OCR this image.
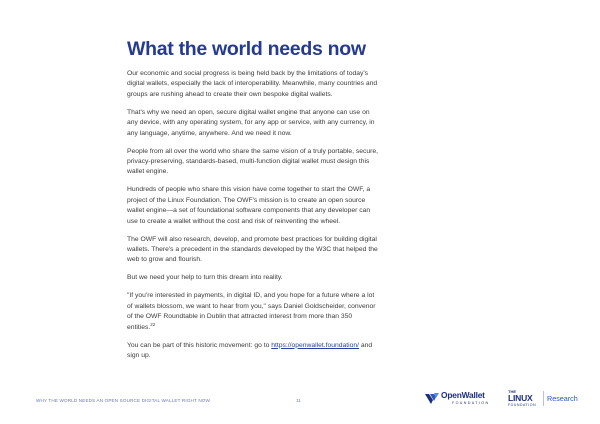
What the world needs now

Our economic and social progress is being held back by the limitations of today's digital wallets, especially the lack of interoperability. Meanwhile, many countries and groups are rushing ahead to create their own bespoke digital wallets.

That's why we need an open, secure digital wallet engine that anyone can use on any device, with any operating system, for any app or service, with any currency, in any language, anytime, anywhere. And we need it now.

People from all over the world who share the same vision of a truly portable, secure, privacy-preserving, standards-based, multi-function digital wallet must design this wallet engine.

Hundreds of people who share this vision have come together to start the OWF, a project of the Linux Foundation. The OWF's mission is to create an open source wallet engine—a set of foundational software components that any developer can use to create a wallet without the cost and risk of reinventing the wheel.

The OWF will also research, develop, and promote best practices for building digital wallets. There's a precedent in the standards developed by the W3C that helped the web to grow and flourish.

But we need your help to turn this dream into reality.

"If you're interested in payments, in digital ID, and you hope for a future where a lot of wallets blossom, we want to hear from you," says Daniel Goldscheider, convenor of the OWF Roundtable in Dublin that attracted interest from more than 350 entities.$^{22}$

You can be part of this historic movement: go to https://openwallet.foundation/ and sign up.

WHY THE WORLD NEEDS AN OPEN SOURCE DIGITAL WALLET RIGHT NOW	11
OpenWallet
FOUNDATION
THE
LINUX
FOUNDATION
Research
